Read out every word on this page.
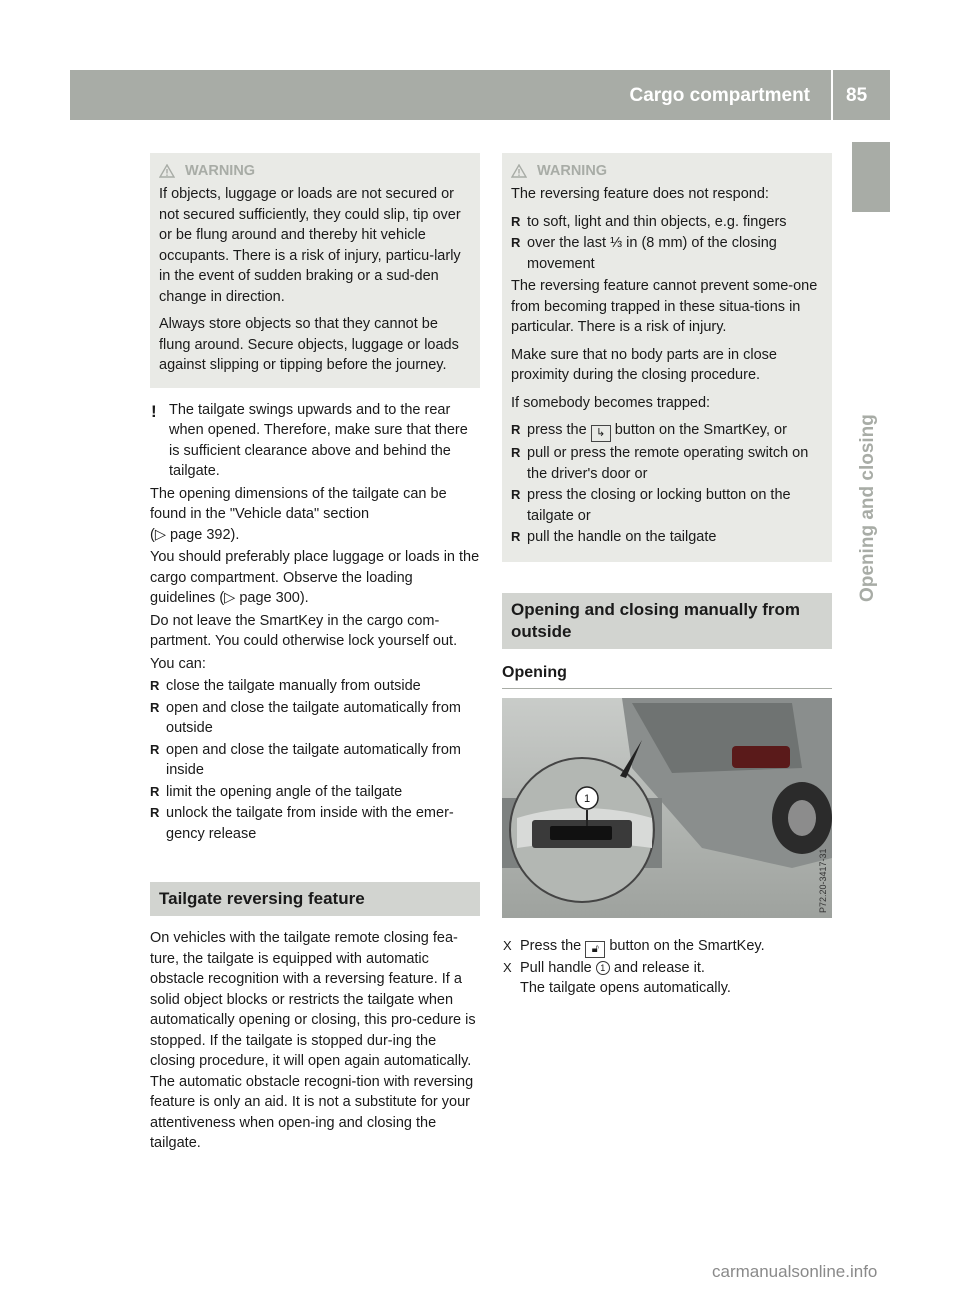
Cargo compartment 85
Opening and closing
WARNING

If objects, luggage or loads are not secured or not secured sufficiently, they could slip, tip over or be flung around and thereby hit vehicle occupants. There is a risk of injury, particu-larly in the event of sudden braking or a sud-den change in direction.

Always store objects so that they cannot be flung around. Secure objects, luggage or loads against slipping or tipping before the journey.

! The tailgate swings upwards and to the rear when opened. Therefore, make sure that there is sufficient clearance above and behind the tailgate.

The opening dimensions of the tailgate can be found in the "Vehicle data" section
(▷ page 392).

You should preferably place luggage or loads in the cargo compartment. Observe the loading guidelines (▷ page 300).

Do not leave the SmartKey in the cargo com-partment. You could otherwise lock yourself out.

You can:

R close the tailgate manually from outside
R open and close the tailgate automatically from outside
R open and close the tailgate automatically from inside
R limit the opening angle of the tailgate
R unlock the tailgate from inside with the emer-gency release
Tailgate reversing feature

On vehicles with the tailgate remote closing fea-ture, the tailgate is equipped with automatic obstacle recognition with a reversing feature. If a solid object blocks or restricts the tailgate when automatically opening or closing, this pro-cedure is stopped. If the tailgate is stopped dur-ing the closing procedure, it will open again automatically. The automatic obstacle recogni-tion with reversing feature is only an aid. It is not a substitute for your attentiveness when open-ing and closing the tailgate.

WARNING

The reversing feature does not respond:

R to soft, light and thin objects, e.g. fingers
R over the last ⅓ in (8 mm) of the closing movement

The reversing feature cannot prevent some-one from becoming trapped in these situa-tions in particular. There is a risk of injury.

Make sure that no body parts are in close proximity during the closing procedure.

If somebody becomes trapped:

R press the ↳ button on the SmartKey, or
R pull or press the remote operating switch on the driver's door or
R press the closing or locking button on the tailgate or
R pull the handle on the tailgate
Opening and closing manually from outside
Opening
1
P72.20-3417-31
X Press the 🔓︎ button on the SmartKey.
X Pull handle 1 and release it.
The tailgate opens automatically.
carmanualsonline.info
